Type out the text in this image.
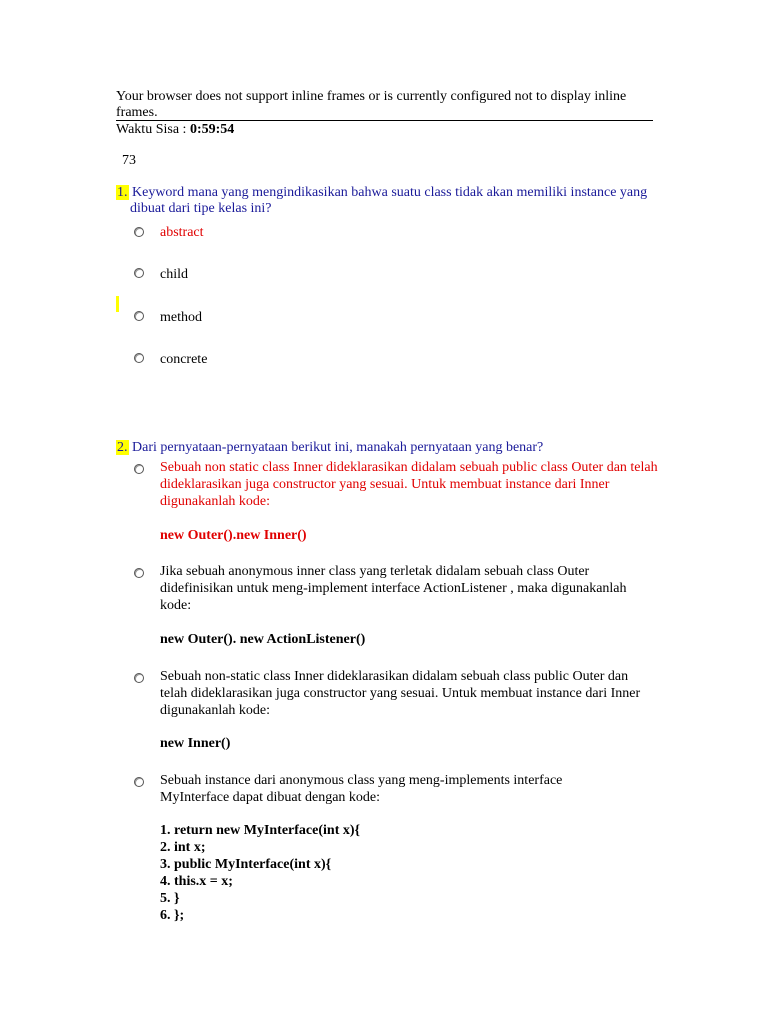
Your browser does not support inline frames or is currently configured not to display inline frames.
Waktu Sisa : 0:59:54
73
1. Keyword mana yang mengindikasikan bahwa suatu class tidak akan memiliki instance yang dibuat dari tipe kelas ini?
abstract
child
method
concrete
2. Dari pernyataan-pernyataan berikut ini, manakah pernyataan yang benar?
Sebuah non static class Inner dideklarasikan didalam sebuah public class Outer dan telah dideklarasikan juga constructor yang sesuai. Untuk membuat instance dari Inner digunakanlah kode:
new Outer().new Inner()
Jika sebuah anonymous inner class yang terletak didalam sebuah class Outer didefinisikan untuk meng-implement interface ActionListener , maka digunakanlah kode:
new Outer(). new ActionListener()
Sebuah non-static class Inner dideklarasikan didalam sebuah class public Outer dan telah dideklarasikan juga constructor yang sesuai. Untuk membuat instance dari Inner digunakanlah kode:
new Inner()
Sebuah instance dari anonymous class yang meng-implements interface MyInterface dapat dibuat dengan kode:
1. return new MyInterface(int x){
2. int x;
3. public MyInterface(int x){
4. this.x = x;
5. }
6. };
